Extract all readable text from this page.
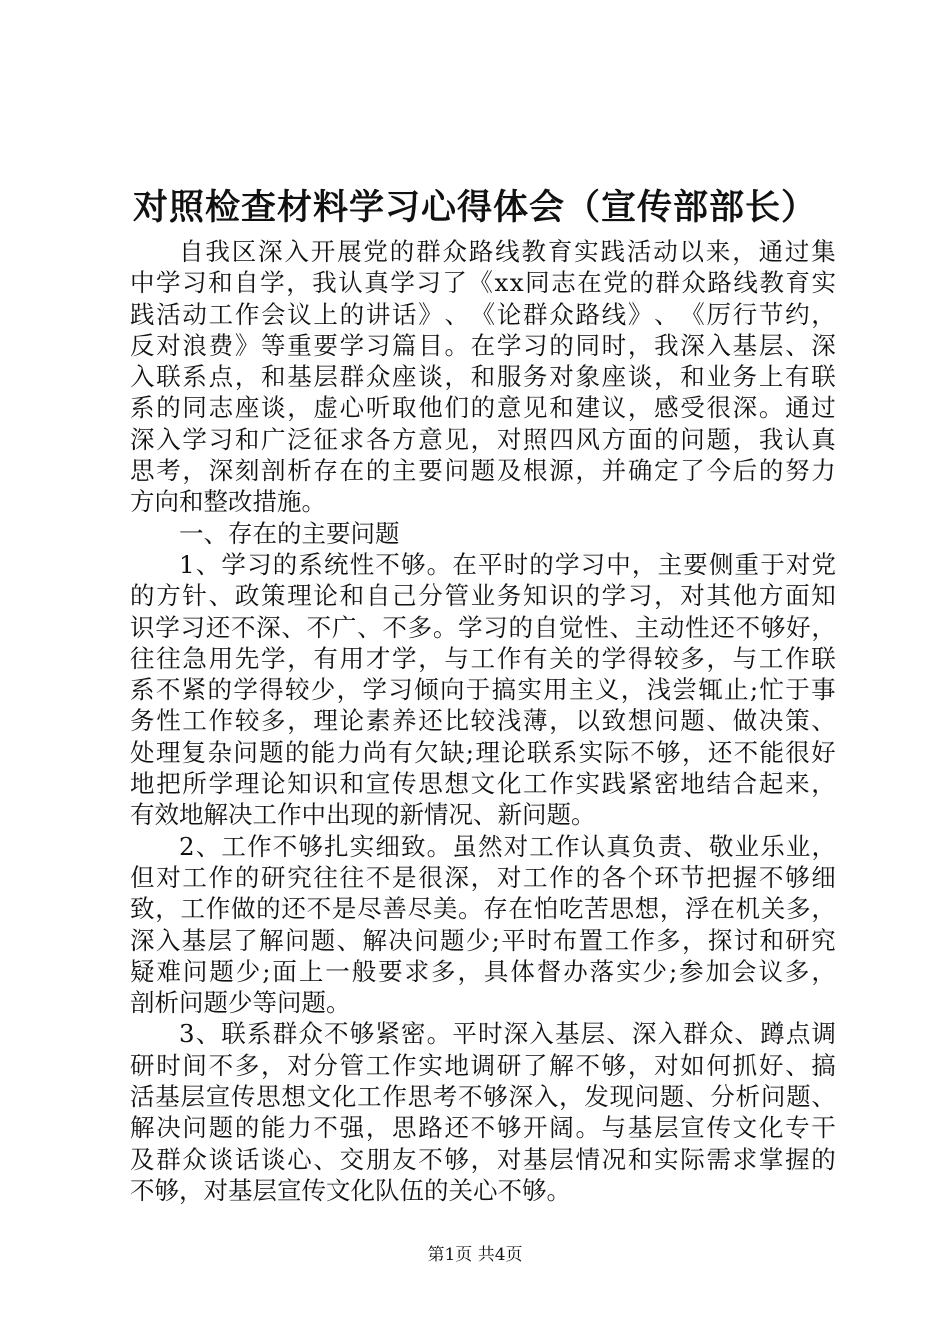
对照检查材料学习心得体会（宣传部部长）
自 我 区 深 入 开 展 党 的 群 众 路 线 教 育 实 践 活 动 以 来 ， 通 过 集
中 学 习 和 自 学 ， 我 认 真 学 习 了 《 x x 同 志 在 党 的 群 众 路 线 教 育 实
践 活 动 工 作 会 议 上 的 讲 话 》 、 《 论 群 众 路 线 》 、 《 厉 行 节 约 ，
反 对 浪 费 》 等 重 要 学 习 篇 目 。 在 学 习 的 同 时 ， 我 深 入 基 层 、 深
入 联 系 点 ， 和 基 层 群 众 座 谈 ， 和 服 务 对 象 座 谈 ， 和 业 务 上 有 联
系 的 同 志 座 谈 ， 虚 心 听 取 他 们 的 意 见 和 建 议 ， 感 受 很 深 。 通 过
深 入 学 习 和 广 泛 征 求 各 方 意 见 ， 对 照 四 风 方 面 的 问 题 ， 我 认 真
思 考 ， 深 刻 剖 析 存 在 的 主 要 问 题 及 根 源 ， 并 确 定 了 今 后 的 努 力
方向和整改措施。
一、存在的主要问题
1 、 学 习 的 系 统 性 不 够 。 在 平 时 的 学 习 中 ， 主 要 侧 重 于 对 党
的 方 针 、 政 策 理 论 和 自 己 分 管 业 务 知 识 的 学 习 ， 对 其 他 方 面 知
识 学 习 还 不 深 、 不 广 、 不 多 。 学 习 的 自 觉 性 、 主 动 性 还 不 够 好 ，
往 往 急 用 先 学 ， 有 用 才 学 ， 与 工 作 有 关 的 学 得 较 多 ， 与 工 作 联
系 不 紧 的 学 得 较 少 ， 学 习 倾 向 于 搞 实 用 主 义 ， 浅 尝 辄 止 ; 忙 于 事
务 性 工 作 较 多 ， 理 论 素 养 还 比 较 浅 薄 ， 以 致 想 问 题 、 做 决 策 、
处 理 复 杂 问 题 的 能 力 尚 有 欠 缺 ; 理 论 联 系 实 际 不 够 ， 还 不 能 很 好
地 把 所 学 理 论 知 识 和 宣 传 思 想 文 化 工 作 实 践 紧 密 地 结 合 起 来 ，
有效地解决工作中出现的新情况、新问题。
2 、 工 作 不 够 扎 实 细 致 。 虽 然 对 工 作 认 真 负 责 、 敬 业 乐 业 ，
但 对 工 作 的 研 究 往 往 不 是 很 深 ， 对 工 作 的 各 个 环 节 把 握 不 够 细
致 ， 工 作 做 的 还 不 是 尽 善 尽 美 。 存 在 怕 吃 苦 思 想 ， 浮 在 机 关 多 ，
深 入 基 层 了 解 问 题 、 解 决 问 题 少 ; 平 时 布 置 工 作 多 ， 探 讨 和 研 究
疑 难 问 题 少 ; 面 上 一 般 要 求 多 ， 具 体 督 办 落 实 少 ; 参 加 会 议 多 ，
剖析问题少等问题。
3 、 联 系 群 众 不 够 紧 密 。 平 时 深 入 基 层 、 深 入 群 众 、 蹲 点 调
研 时 间 不 多 ， 对 分 管 工 作 实 地 调 研 了 解 不 够 ， 对 如 何 抓 好 、 搞
活 基 层 宣 传 思 想 文 化 工 作 思 考 不 够 深 入 ， 发 现 问 题 、 分 析 问 题 、
解 决 问 题 的 能 力 不 强 ， 思 路 还 不 够 开 阔 。 与 基 层 宣 传 文 化 专 干
及 群 众 谈 话 谈 心 、 交 朋 友 不 够 ， 对 基 层 情 况 和 实 际 需 求 掌 握 的
不够，对基层宣传文化队伍的关心不够。
第1页 共4页
